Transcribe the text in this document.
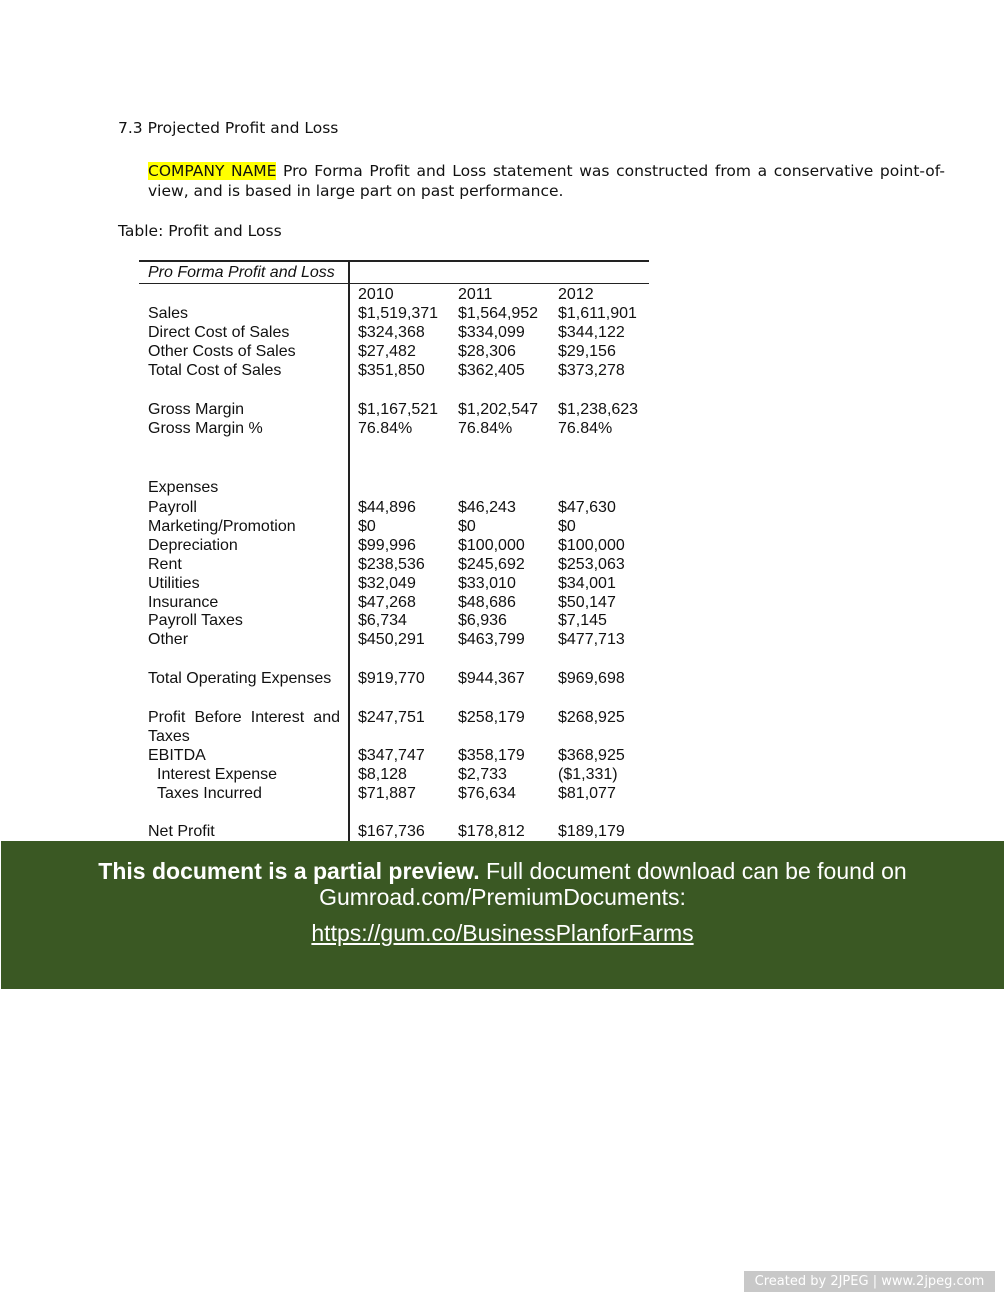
7.3 Projected Profit and Loss
COMPANY NAME Pro Forma Profit and Loss statement was constructed from a conservative point-of-view, and is based in large part on past performance.
Table: Profit and Loss
Pro Forma Profit and Loss
2010	2011	2012
Sales	$1,519,371 $1,564,952 $1,611,901
Direct Cost of Sales	$324,368 $334,099 $344,122
Other Costs of Sales	$27,482	$28,306	$29,156
Total Cost of Sales	$351,850 $362,405 $373,278
Gross Margin	$1,167,521 $1,202,547 $1,238,623
Gross Margin %	76.84%	76.84%	76.84%
Expenses
Payroll	$44,896	$46,243	$47,630
Marketing/Promotion	$0	$0	$0
Depreciation	$99,996	$100,000 $100,000
Rent	$238,536 $245,692 $253,063
Utilities	$32,049	$33,010	$34,001
Insurance	$47,268	$48,686	$50,147
Payroll Taxes	$6,734	$6,936	$7,145
Other	$450,291 $463,799 $477,713
Total Operating Expenses $919,770 $944,367 $969,698
Profit Before Interest and Taxes
$247,751 $258,179 $268,925
EBITDA	$347,747 $358,179 $368,925
Interest Expense	$8,128	$2,733	($1,331)
Taxes Incurred	$71,887	$76,634	$81,077
Net Profit	$167,736 $178,812 $189,179
This document is a partial preview. Full document download can be found on
Gumroad.com/PremiumDocuments:
https://gum.co/BusinessPlanforFarms
Created by 2JPEG | www.2jpeg.com
